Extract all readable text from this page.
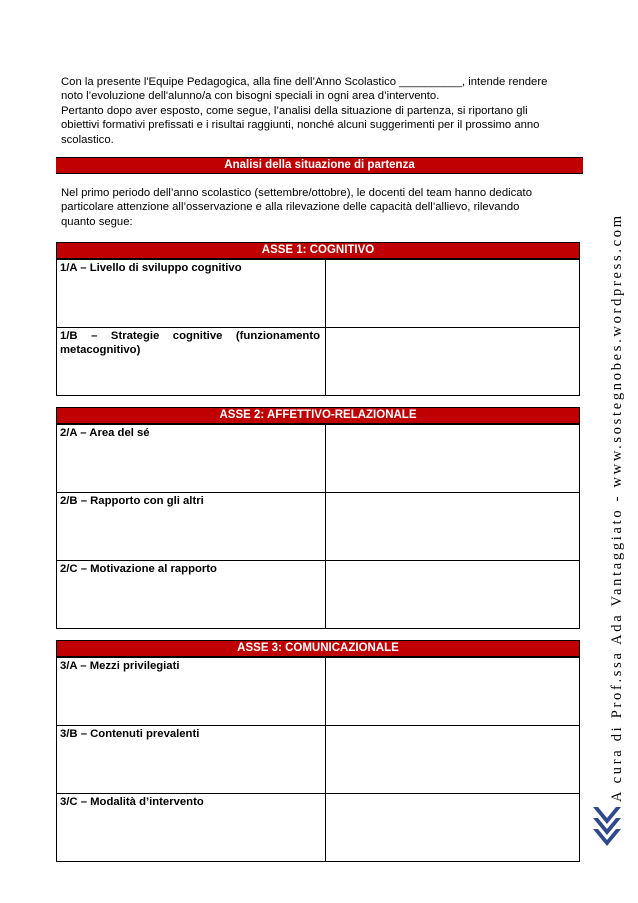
Con la presente l'Equipe Pedagogica, alla fine dell’Anno Scolastico __________, intende rendere
noto l’evoluzione dell'alunno/a con bisogni speciali in ogni area d’intervento.
Pertanto dopo aver esposto, come segue, l’analisi della situazione di partenza, si riportano gli
obiettivi formativi prefissati e i risultai raggiunti, nonché alcuni suggerimenti per il prossimo anno
scolastico.
Analisi della situazione di partenza
Nel primo periodo dell’anno scolastico (settembre/ottobre), le docenti del team hanno dedicato
particolare attenzione all’osservazione e alla rilevazione delle capacità dell’allievo, rilevando
quanto segue:
ASSE 1: COGNITIVO
1/A – Livello di sviluppo cognitivo	
1/B – Strategie cognitive (funzionamento metacognitivo)	
ASSE 2: AFFETTIVO-RELAZIONALE
2/A – Area del sé	
2/B – Rapporto con gli altri	
2/C – Motivazione al rapporto	
ASSE 3: COMUNICAZIONALE
3/A – Mezzi privilegiati	
3/B – Contenuti prevalenti	
3/C – Modalità d’intervento		A cura di Prof.ssa Ada Vantaggiato - www.sostegnobes.wordpress.com
